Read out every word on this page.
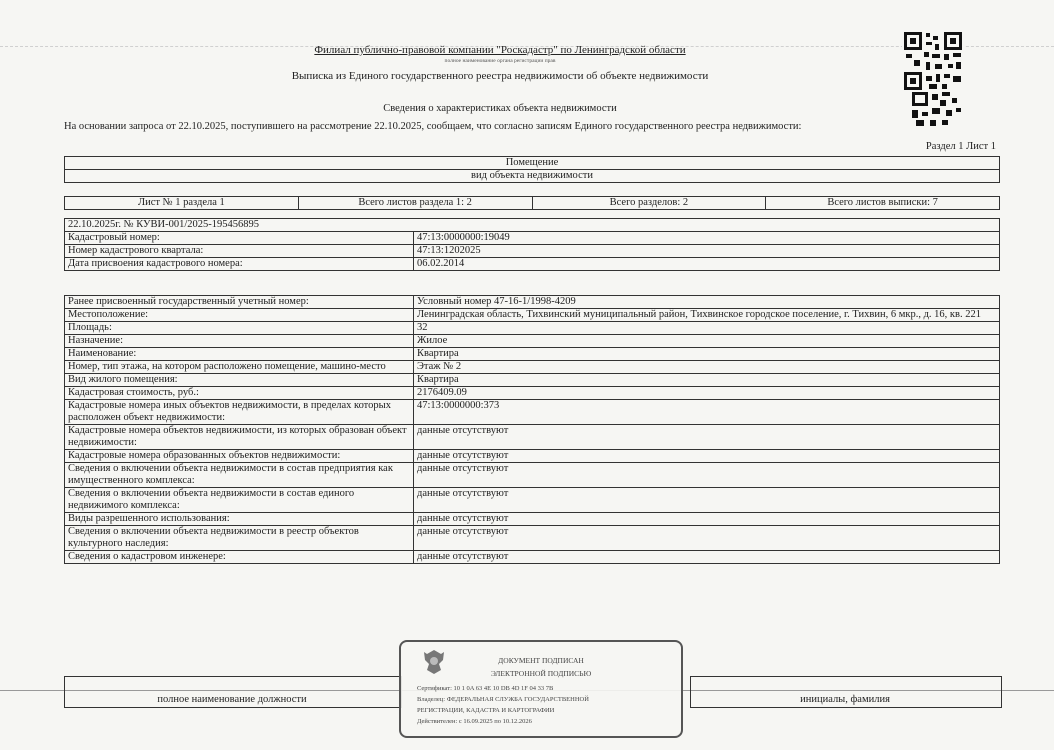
Филиал публично-правовой компании "Роскадастр" по Ленинградской области
полное наименование органа регистрации прав
Выписка из Единого государственного реестра недвижимости об объекте недвижимости
Сведения о характеристиках объекта недвижимости
На основании запроса от 22.10.2025, поступившего на рассмотрение 22.10.2025, сообщаем, что согласно записям Единого государственного реестра недвижимости:
Раздел 1 Лист 1
Помещение
вид объекта недвижимости
Лист № 1 раздела 1	Всего листов раздела 1: 2	Всего разделов: 2	Всего листов выписки: 7
22.10.2025г. № КУВИ-001/2025-195456895	
Кадастровый номер:	47:13:0000000:19049
Номер кадастрового квартала:	47:13:1202025
Дата присвоения кадастрового номера:	06.02.2014
Ранее присвоенный государственный учетный номер:	Условный номер 47-16-1/1998-4209
Местоположение:	Ленинградская область, Тихвинский муниципальный район, Тихвинское городское поселение, г. Тихвин, 6 мкр., д. 16, кв. 221
Площадь:	32
Назначение:	Жилое
Наименование:	Квартира
Номер, тип этажа, на котором расположено помещение, машино-место	Этаж № 2
Вид жилого помещения:	Квартира
Кадастровая стоимость, руб.:	2176409.09
Кадастровые номера иных объектов недвижимости, в пределах которых расположен объект недвижимости:	47:13:0000000:373
Кадастровые номера объектов недвижимости, из которых образован объект недвижимости:	данные отсутствуют
Кадастровые номера образованных объектов недвижимости:	данные отсутствуют
Сведения о включении объекта недвижимости в состав предприятия как имущественного комплекса:	данные отсутствуют
Сведения о включении объекта недвижимости в состав единого недвижимого комплекса:	данные отсутствуют
Виды разрешенного использования:	данные отсутствуют
Сведения о включении объекта недвижимости в реестр объектов культурного наследия:	данные отсутствуют
Сведения о кадастровом инженере:	данные отсутствуют
полное наименование должности	инициалы, фамилия
ДОКУМЕНТ ПОДПИСАН
ЭЛЕКТРОННОЙ ПОДПИСЬЮ
Сертификат: 10 1 0A 63 4E 10 DB 4D 1F 04 33 7B
Владелец: ФЕДЕРАЛЬНАЯ СЛУЖБА ГОСУДАРСТВЕННОЙ
РЕГИСТРАЦИИ, КАДАСТРА И КАРТОГРАФИИ
Действителен: с 16.09.2025 по 10.12.2026
